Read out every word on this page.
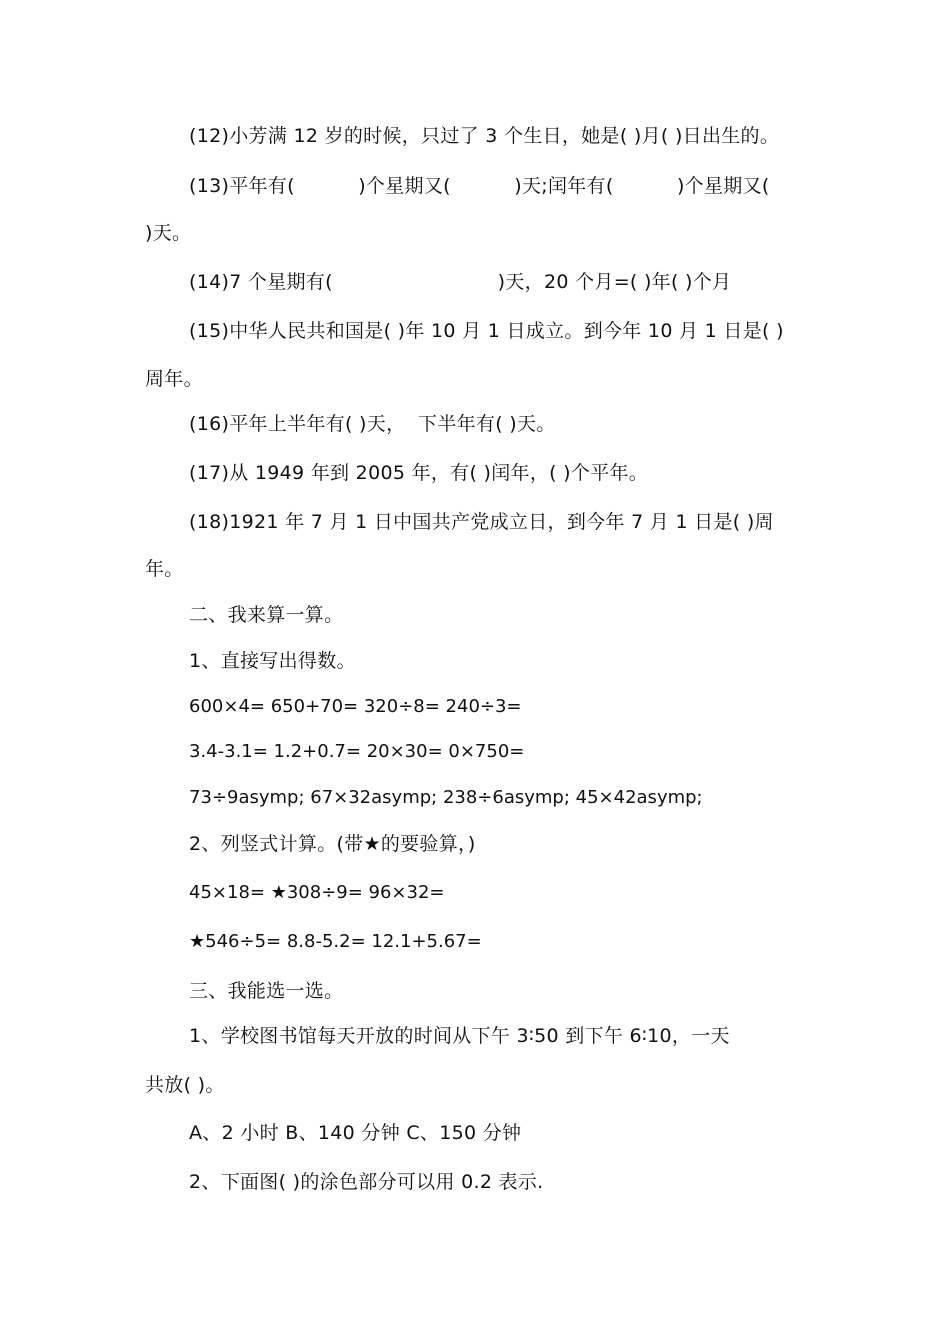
(12)小芳满 12 岁的时候，只过了 3 个生日，她是( )月( )日出生的。
(13)平年有(          )个星期又(          )天;闰年有(          )个星期又(
)天。
(14)7 个星期有(                          )天，20 个月=( )年( )个月
(15)中华人民共和国是( )年 10 月 1 日成立。到今年 10 月 1 日是( )
周年。
(16)平年上半年有( )天，  下半年有( )天。
(17)从 1949 年到 2005 年，有( )闰年，( )个平年。
(18)1921 年 7 月 1 日中国共产党成立日，到今年 7 月 1 日是( )周
年。
二、我来算一算。
1、直接写出得数。
600×4= 650+70= 320÷8= 240÷3=
3.4-3.1= 1.2+0.7= 20×30= 0×750=
73÷9asymp; 67×32asymp; 238÷6asymp; 45×42asymp;
2、列竖式计算。(带★的要验算，)
45×18= ★308÷9= 96×32=
★546÷5= 8.8-5.2= 12.1+5.67=
三、我能选一选。
1、学校图书馆每天开放的时间从下午 3∶50 到下午 6∶10，一天
共放( )。
A、2 小时 B、140 分钟 C、150 分钟
2、下面图( )的涂色部分可以用 0.2 表示.
